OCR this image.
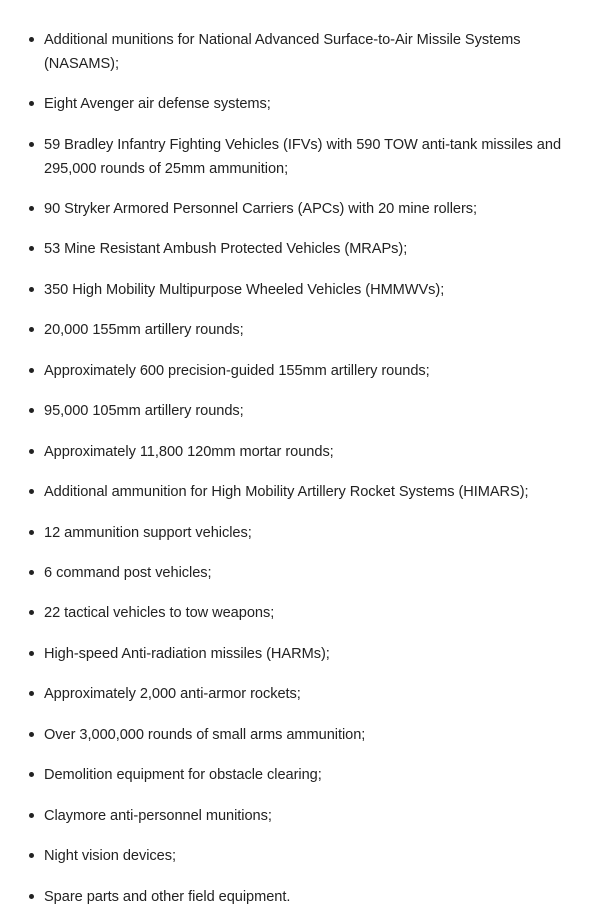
Additional munitions for National Advanced Surface-to-Air Missile Systems (NASAMS);
Eight Avenger air defense systems;
59 Bradley Infantry Fighting Vehicles (IFVs) with 590 TOW anti-tank missiles and 295,000 rounds of 25mm ammunition;
90 Stryker Armored Personnel Carriers (APCs) with 20 mine rollers;
53 Mine Resistant Ambush Protected Vehicles (MRAPs);
350 High Mobility Multipurpose Wheeled Vehicles (HMMWVs);
20,000 155mm artillery rounds;
Approximately 600 precision-guided 155mm artillery rounds;
95,000 105mm artillery rounds;
Approximately 11,800 120mm mortar rounds;
Additional ammunition for High Mobility Artillery Rocket Systems (HIMARS);
12 ammunition support vehicles;
6 command post vehicles;
22 tactical vehicles to tow weapons;
High-speed Anti-radiation missiles (HARMs);
Approximately 2,000 anti-armor rockets;
Over 3,000,000 rounds of small arms ammunition;
Demolition equipment for obstacle clearing;
Claymore anti-personnel munitions;
Night vision devices;
Spare parts and other field equipment.
